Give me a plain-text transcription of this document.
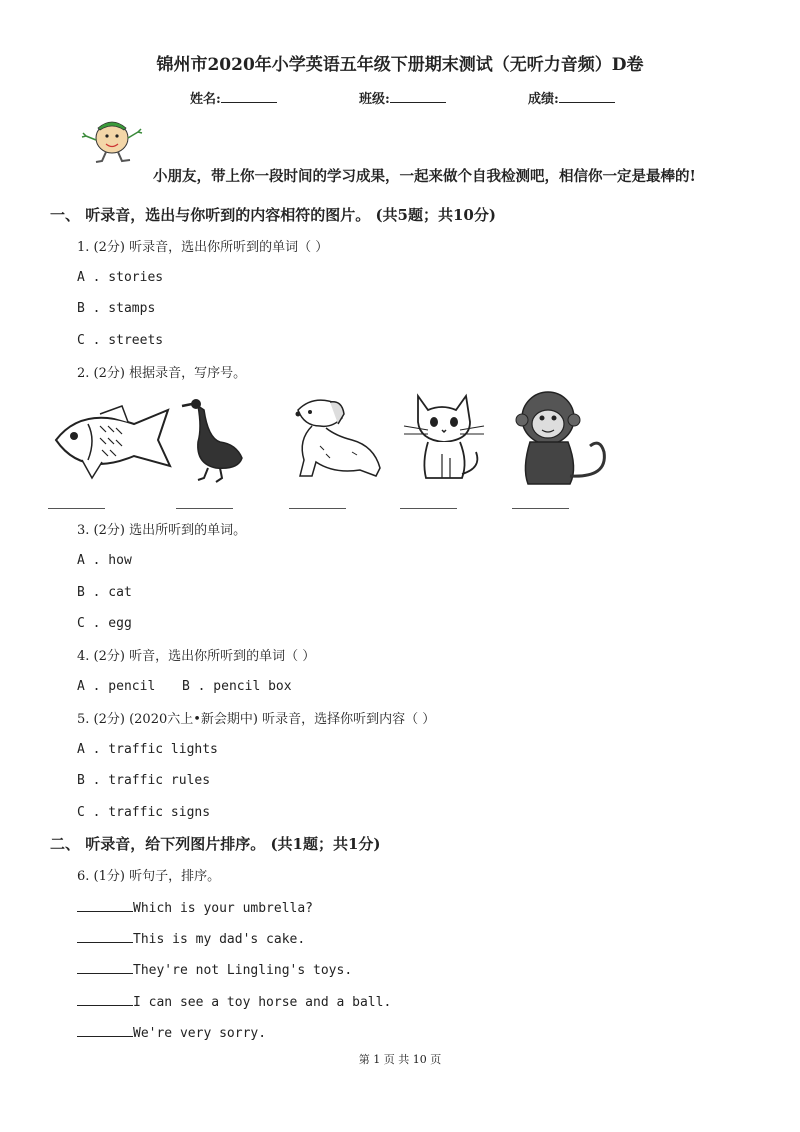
锦州市2020年小学英语五年级下册期末测试（无听力音频）D卷
姓名:	班级:	成绩:
小朋友，带上你一段时间的学习成果，一起来做个自我检测吧，相信你一定是最棒的!
一、 听录音，选出与你听到的内容相符的图片。 (共5题；共10分)
1. (2分) 听录音，选出你所听到的单词（ ）
A . stories
B . stamps
C . streets
2. (2分) 根据录音，写序号。
3. (2分) 选出所听到的单词。
A . how
B . cat
C . egg
4. (2分) 听音，选出你所听到的单词（ ）
A . pencil B . pencil box
5. (2分) (2020六上•新会期中) 听录音，选择你听到内容（ ）
A . traffic lights
B . traffic rules
C . traffic signs
二、 听录音，给下列图片排序。 (共1题；共1分)
6. (1分) 听句子，排序。
Which is your umbrella?
This is my dad's cake.
They're not Lingling's toys.
I can see a toy horse and a ball.
We're very sorry.
第 1 页 共 10 页
